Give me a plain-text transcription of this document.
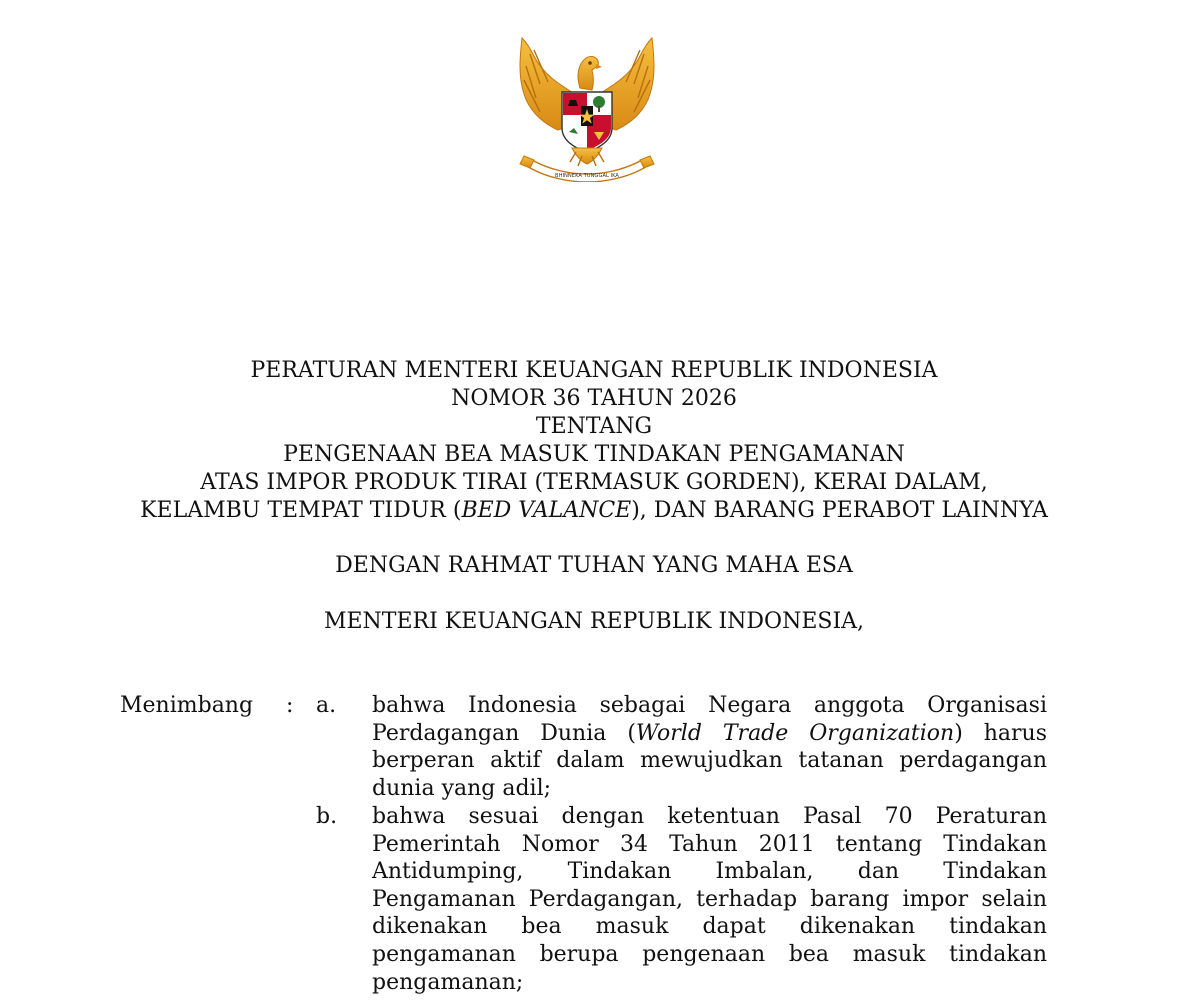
BHINNEKA TUNGGAL IKA
PERATURAN MENTERI KEUANGAN REPUBLIK INDONESIA
NOMOR 36 TAHUN 2026
TENTANG
PENGENAAN BEA MASUK TINDAKAN PENGAMANAN
ATAS IMPOR PRODUK TIRAI (TERMASUK GORDEN), KERAI DALAM,
KELAMBU TEMPAT TIDUR (BED VALANCE), DAN BARANG PERABOT LAINNYA
DENGAN RAHMAT TUHAN YANG MAHA ESA
MENTERI KEUANGAN REPUBLIK INDONESIA,
Menimbang : a. bahwa Indonesia sebagai Negara anggota Organisasi
Perdagangan Dunia (World Trade Organization) harus
berperan aktif dalam mewujudkan tatanan perdagangan
dunia yang adil;
b. bahwa sesuai dengan ketentuan Pasal 70 Peraturan
Pemerintah Nomor 34 Tahun 2011 tentang Tindakan
Antidumping, Tindakan Imbalan, dan Tindakan
Pengamanan Perdagangan, terhadap barang impor selain
dikenakan bea masuk dapat dikenakan tindakan
pengamanan berupa pengenaan bea masuk tindakan
pengamanan;
